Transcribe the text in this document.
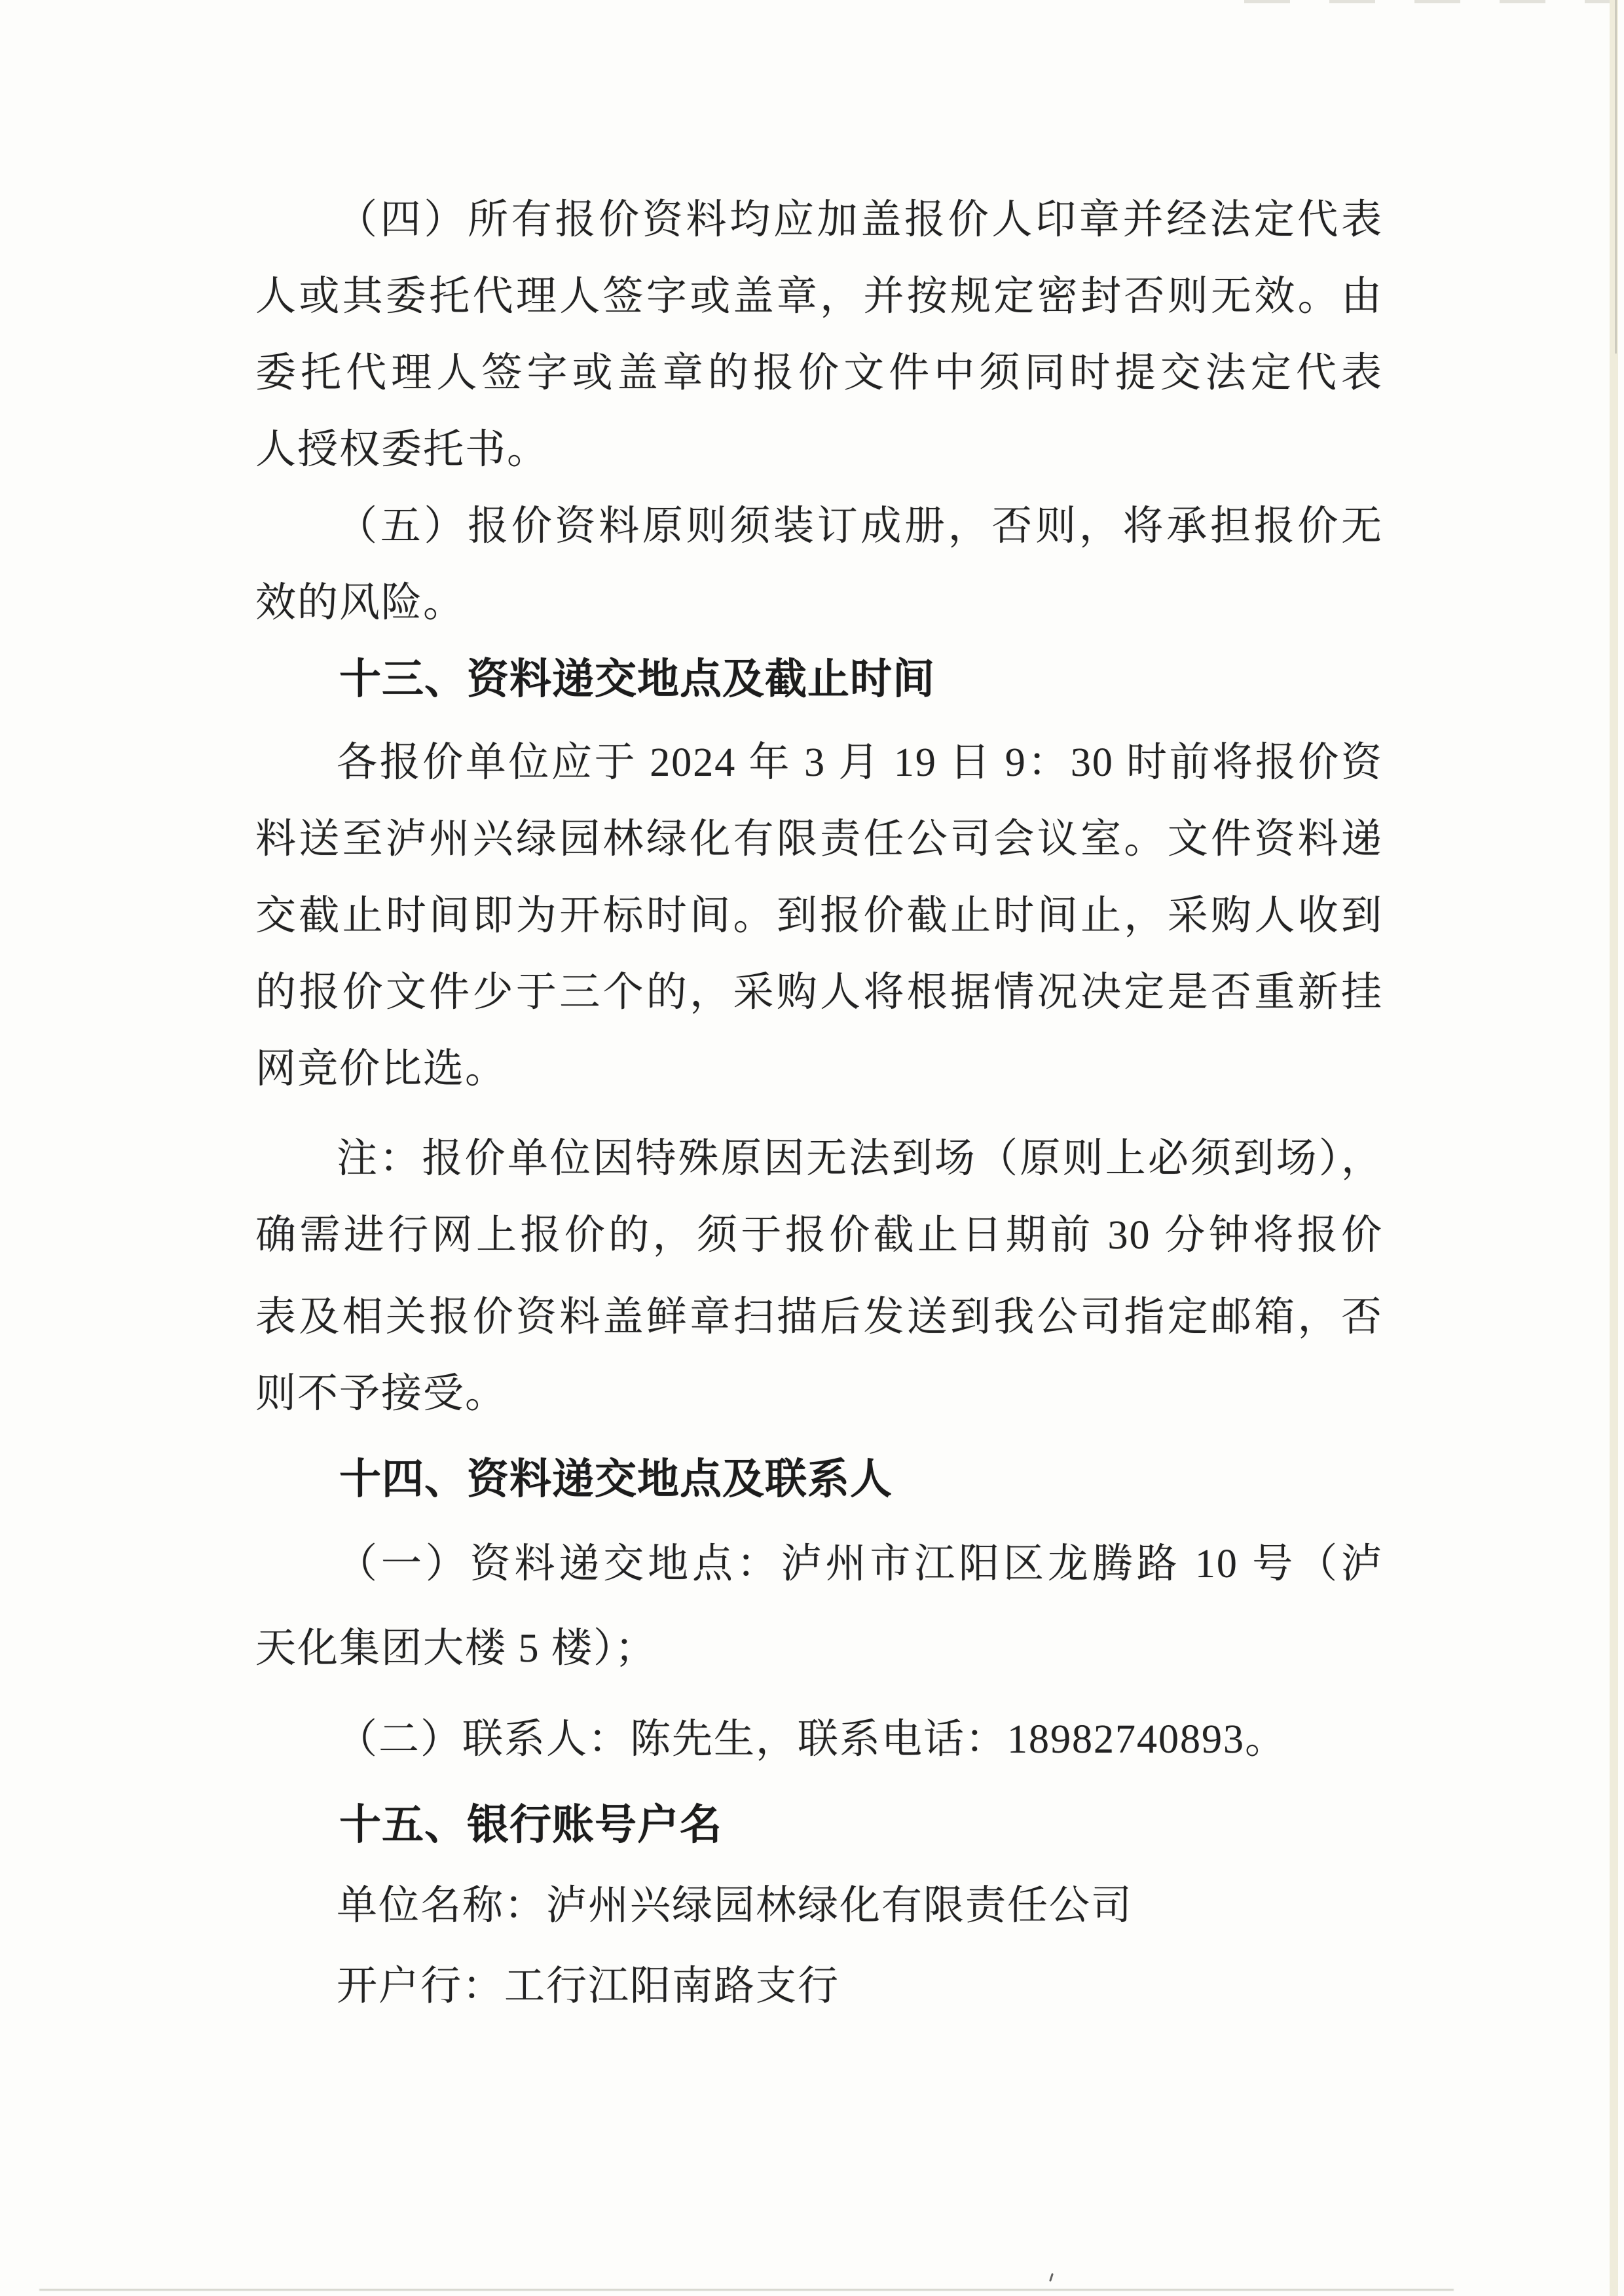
（四）所有报价资料均应加盖报价人印章并经法定代表
人或其委托代理人签字或盖章，并按规定密封否则无效。由
委托代理人签字或盖章的报价文件中须同时提交法定代表
人授权委托书。
（五）报价资料原则须装订成册，否则，将承担报价无
效的风险。
十三、资料递交地点及截止时间
各报价单位应于 2024 年 3 月 19 日 9：30 时前将报价资
料送至泸州兴绿园林绿化有限责任公司会议室。文件资料递
交截止时间即为开标时间。到报价截止时间止，采购人收到
的报价文件少于三个的，采购人将根据情况决定是否重新挂
网竞价比选。
注：报价单位因特殊原因无法到场（原则上必须到场），
确需进行网上报价的，须于报价截止日期前 30 分钟将报价
表及相关报价资料盖鲜章扫描后发送到我公司指定邮箱，否
则不予接受。
十四、资料递交地点及联系人
（一）资料递交地点：泸州市江阳区龙腾路 10 号（泸
天化集团大楼 5 楼）；
（二）联系人：陈先生，联系电话：18982740893。
十五、银行账号户名
单位名称：泸州兴绿园林绿化有限责任公司
开户行：工行江阳南路支行
